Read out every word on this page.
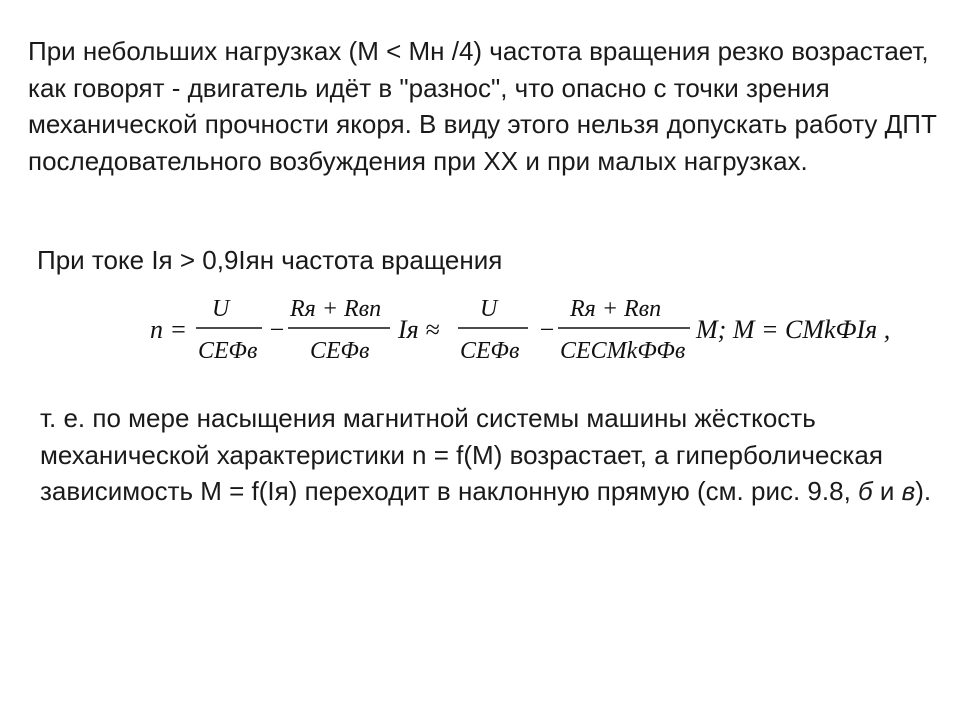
При небольших нагрузках (М < Мн /4) частота вращения резко возрастает, как говорят - двигатель идёт в "разнос", что опасно с точки зрения механической прочности якоря. В виду этого нельзя допускать работу ДПТ последовательного возбуждения при ХХ и при малых нагрузках.

При токе Iя > 0,9Iян частота вращения

n =
U
CEΦв
−
Rя + Rвп
CEΦв
Iя ≈
U
CEΦв
−
Rя + Rвп
CECMkФΦв
M; M = CMkФIя ,

т. е. по мере насыщения магнитной системы машины жёсткость механической характеристики n = f(M) возрастает, а гиперболическая зависимость M = f(Iя) переходит в наклонную прямую (см. рис. 9.8, б и в).
